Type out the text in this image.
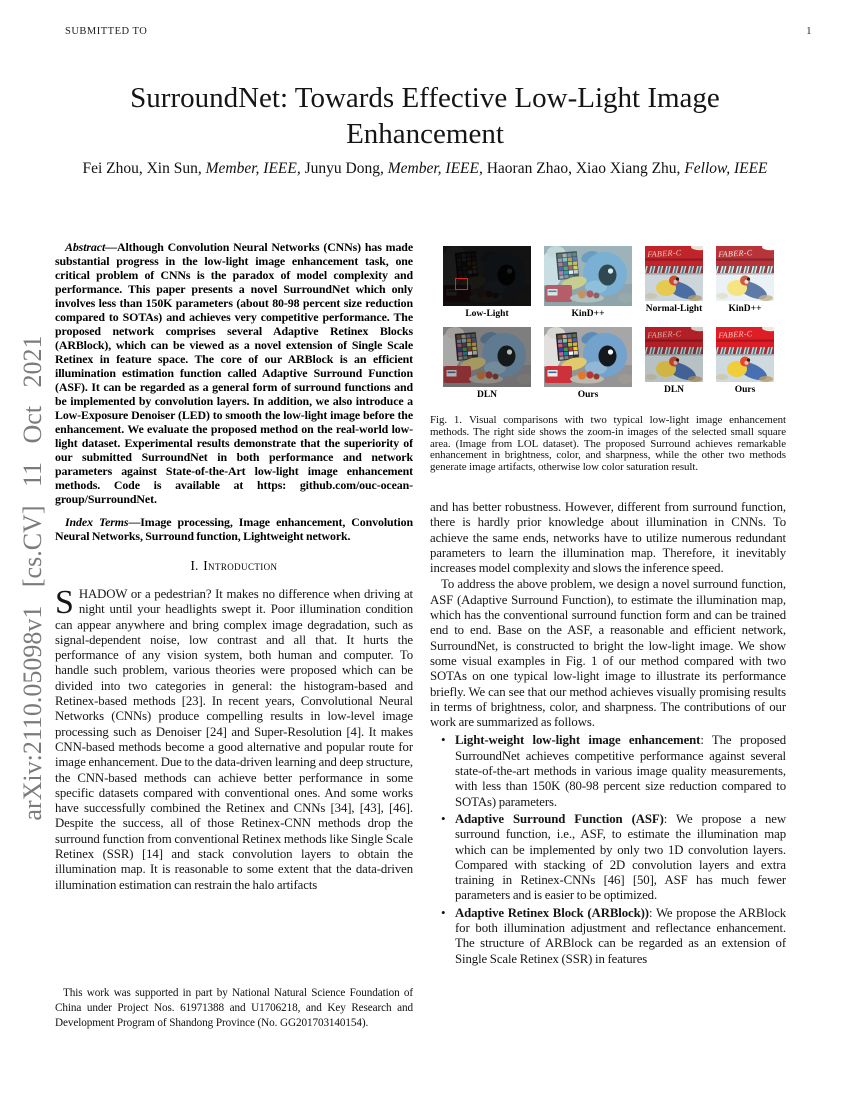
SUBMITTED TO	1
arXiv:2110.05098v1 [cs.CV] 11 Oct 2021
SurroundNet: Towards Effective Low-Light Image Enhancement
Fei Zhou, Xin Sun, Member, IEEE, Junyu Dong, Member, IEEE, Haoran Zhao, Xiao Xiang Zhu, Fellow, IEEE

Abstract—Although Convolution Neural Networks (CNNs) has made substantial progress in the low-light image enhancement task, one critical problem of CNNs is the paradox of model complexity and performance. This paper presents a novel SurroundNet which only involves less than 150K parameters (about 80-98 percent size reduction compared to SOTAs) and achieves very competitive performance. The proposed network comprises several Adaptive Retinex Blocks (ARBlock), which can be viewed as a novel extension of Single Scale Retinex in feature space. The core of our ARBlock is an efficient illumination estimation function called Adaptive Surround Function (ASF). It can be regarded as a general form of surround functions and be implemented by convolution layers. In addition, we also introduce a Low-Exposure Denoiser (LED) to smooth the low-light image before the enhancement. We evaluate the proposed method on the real-world low-light dataset. Experimental results demonstrate that the superiority of our submitted SurroundNet in both performance and network parameters against State-of-the-Art low-light image enhancement methods. Code is available at https: github.com/ouc-ocean-group/SurroundNet.

Index Terms—Image processing, Image enhancement, Convolution Neural Networks, Surround function, Lightweight network.

I. Introduction

SHADOW or a pedestrian? It makes no difference when driving at night until your headlights swept it. Poor illumination condition can appear anywhere and bring complex image degradation, such as signal-dependent noise, low contrast and all that. It hurts the performance of any vision system, both human and computer. To handle such problem, various theories were proposed which can be divided into two categories in general: the histogram-based and Retinex-based methods [23]. In recent years, Convolutional Neural Networks (CNNs) produce compelling results in low-level image processing such as Denoiser [24] and Super-Resolution [4]. It makes CNN-based methods become a good alternative and popular route for image enhancement. Due to the data-driven learning and deep structure, the CNN-based methods can achieve better performance in some specific datasets compared with conventional ones. And some works have successfully combined the Retinex and CNNs [34], [43], [46]. Despite the success, all of those Retinex-CNN methods drop the surround function from conventional Retinex methods like Single Scale Retinex (SSR) [14] and stack convolution layers to obtain the illumination map. It is reasonable to some extent that the data-driven illumination estimation can restrain the halo artifacts

This work was supported in part by National Natural Science Foundation of China under Project Nos. 61971388 and U1706218, and Key Research and Development Program of Shandong Province (No. GG201703140154).
Low-Light	KinD++	Normal-Light	KinD++
DLN	Ours	DLN	Ours
Fig. 1. Visual comparisons with two typical low-light image enhancement methods. The right side shows the zoom-in images of the selected small square area. (Image from LOL dataset). The proposed Surround achieves remarkable enhancement in brightness, color, and sharpness, while the other two methods generate image artifacts, otherwise low color saturation result.

and has better robustness. However, different from surround function, there is hardly prior knowledge about illumination in CNNs. To achieve the same ends, networks have to utilize numerous redundant parameters to learn the illumination map. Therefore, it inevitably increases model complexity and slows the inference speed.

To address the above problem, we design a novel surround function, ASF (Adaptive Surround Function), to estimate the illumination map, which has the conventional surround function form and can be trained end to end. Base on the ASF, a reasonable and efficient network, SurroundNet, is constructed to bright the low-light image. We show some visual examples in Fig. 1 of our method compared with two SOTAs on one typical low-light image to illustrate its performance briefly. We can see that our method achieves visually promising results in terms of brightness, color, and sharpness. The contributions of our work are summarized as follows.

• Light-weight low-light image enhancement: The proposed SurroundNet achieves competitive performance against several state-of-the-art methods in various image quality measurements, with less than 150K (80-98 percent size reduction compared to SOTAs) parameters.
• Adaptive Surround Function (ASF): We propose a new surround function, i.e., ASF, to estimate the illumination map which can be implemented by only two 1D convolution layers. Compared with stacking of 2D convolution layers and extra training in Retinex-CNNs [46] [50], ASF has much fewer parameters and is easier to be optimized.
• Adaptive Retinex Block (ARBlock)): We propose the ARBlock for both illumination adjustment and reflectance enhancement. The structure of ARBlock can be regarded as an extension of Single Scale Retinex (SSR) in features
